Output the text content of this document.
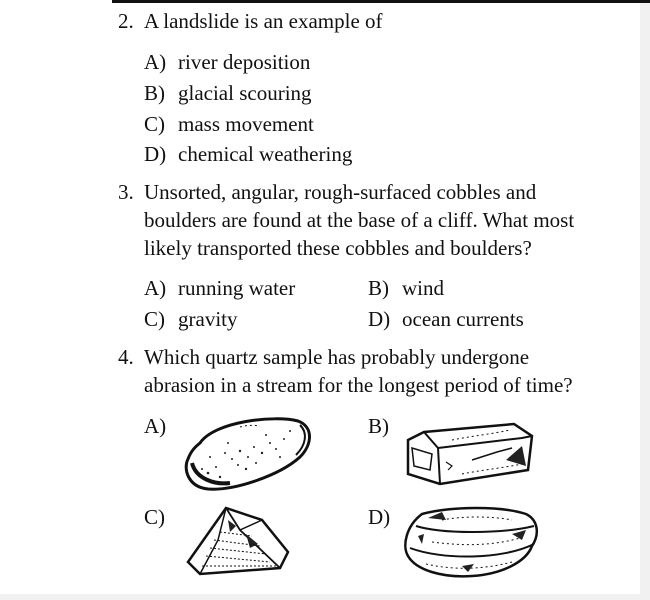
2. A landslide is an example of
A) river deposition
B) glacial scouring
C) mass movement
D) chemical weathering
3. Unsorted, angular, rough-surfaced cobbles and
boulders are found at the base of a cliff. What most
likely transported these cobbles and boulders?
A) running water	B) wind
C) gravity	D) ocean currents
4. Which quartz sample has probably undergone
abrasion in a stream for the longest period of time?
A)	B)
C)	D)
